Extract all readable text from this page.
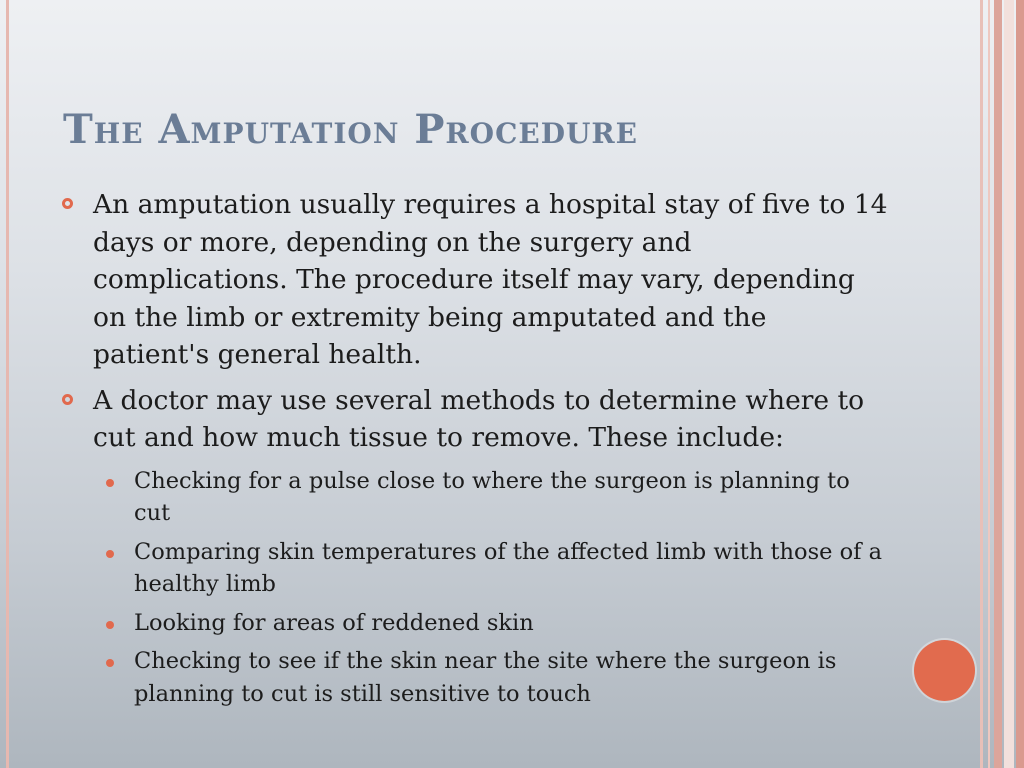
The Amputation Procedure
An amputation usually requires a hospital stay of five to 14 days or more, depending on the surgery and complications. The procedure itself may vary, depending on the limb or extremity being amputated and the patient's general health.
A doctor may use several methods to determine where to cut and how much tissue to remove. These include:
Checking for a pulse close to where the surgeon is planning to cut
Comparing skin temperatures of the affected limb with those of a healthy limb
Looking for areas of reddened skin
Checking to see if the skin near the site where the surgeon is planning to cut is still sensitive to touch
